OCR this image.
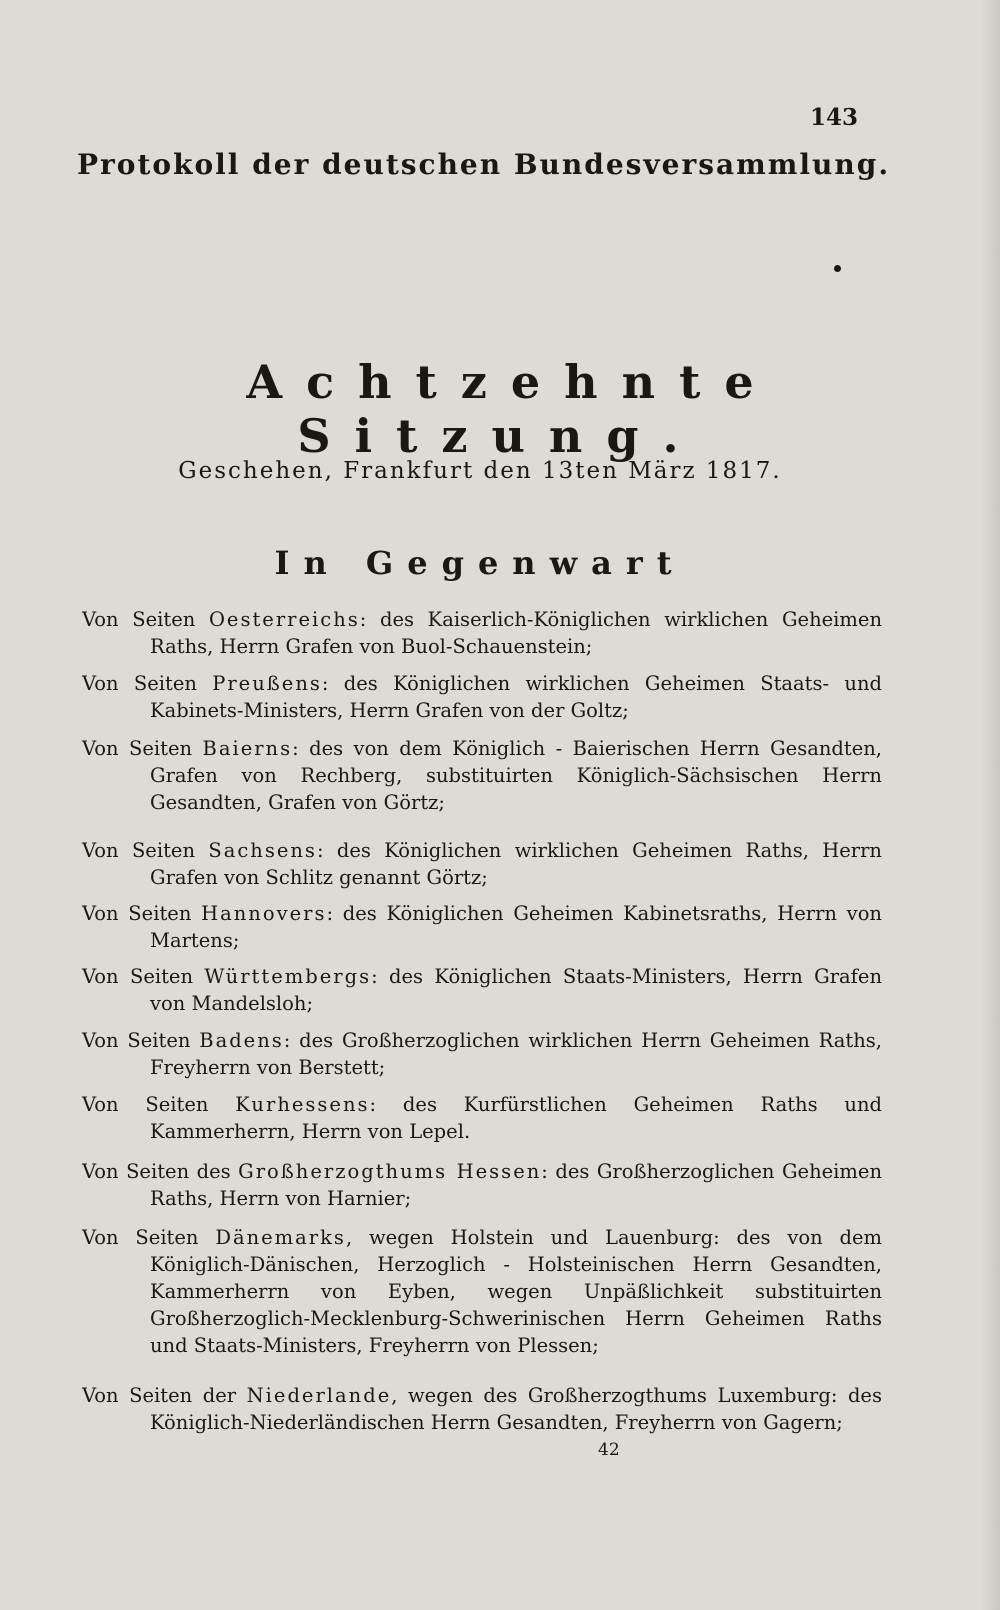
143
Protokoll der deutschen Bundesversammlung.
Achtzehnte Sitzung.
Geschehen, Frankfurt den 13ten März 1817.
In Gegenwart
Von Seiten Oesterreichs: des Kaiserlich-Königlichen wirklichen Geheimen Raths, Herrn Grafen von Buol-Schauenstein;
Von Seiten Preußens: des Königlichen wirklichen Geheimen Staats- und Kabinets-Ministers, Herrn Grafen von der Goltz;
Von Seiten Baierns: des von dem Königlich - Baierischen Herrn Gesandten, Grafen von Rechberg, substituirten Königlich-Sächsischen Herrn Gesandten, Grafen von Görtz;
Von Seiten Sachsens: des Königlichen wirklichen Geheimen Raths, Herrn Grafen von Schlitz genannt Görtz;
Von Seiten Hannovers: des Königlichen Geheimen Kabinetsraths, Herrn von Martens;
Von Seiten Württembergs: des Königlichen Staats-Ministers, Herrn Grafen von Mandelsloh;
Von Seiten Badens: des Großherzoglichen wirklichen Herrn Geheimen Raths, Freyherrn von Berstett;
Von Seiten Kurhessens: des Kurfürstlichen Geheimen Raths und Kammerherrn, Herrn von Lepel.
Von Seiten des Großherzogthums Hessen: des Großherzoglichen Geheimen Raths, Herrn von Harnier;
Von Seiten Dänemarks, wegen Holstein und Lauenburg: des von dem Königlich-Dänischen, Herzoglich - Holsteinischen Herrn Gesandten, Kammerherrn von Eyben, wegen Unpäßlichkeit substituirten Großherzoglich-Mecklenburg-Schwerinischen Herrn Geheimen Raths und Staats-Ministers, Freyherrn von Plessen;
Von Seiten der Niederlande, wegen des Großherzogthums Luxemburg: des Königlich-Niederländischen Herrn Gesandten, Freyherrn von Gagern;
42
